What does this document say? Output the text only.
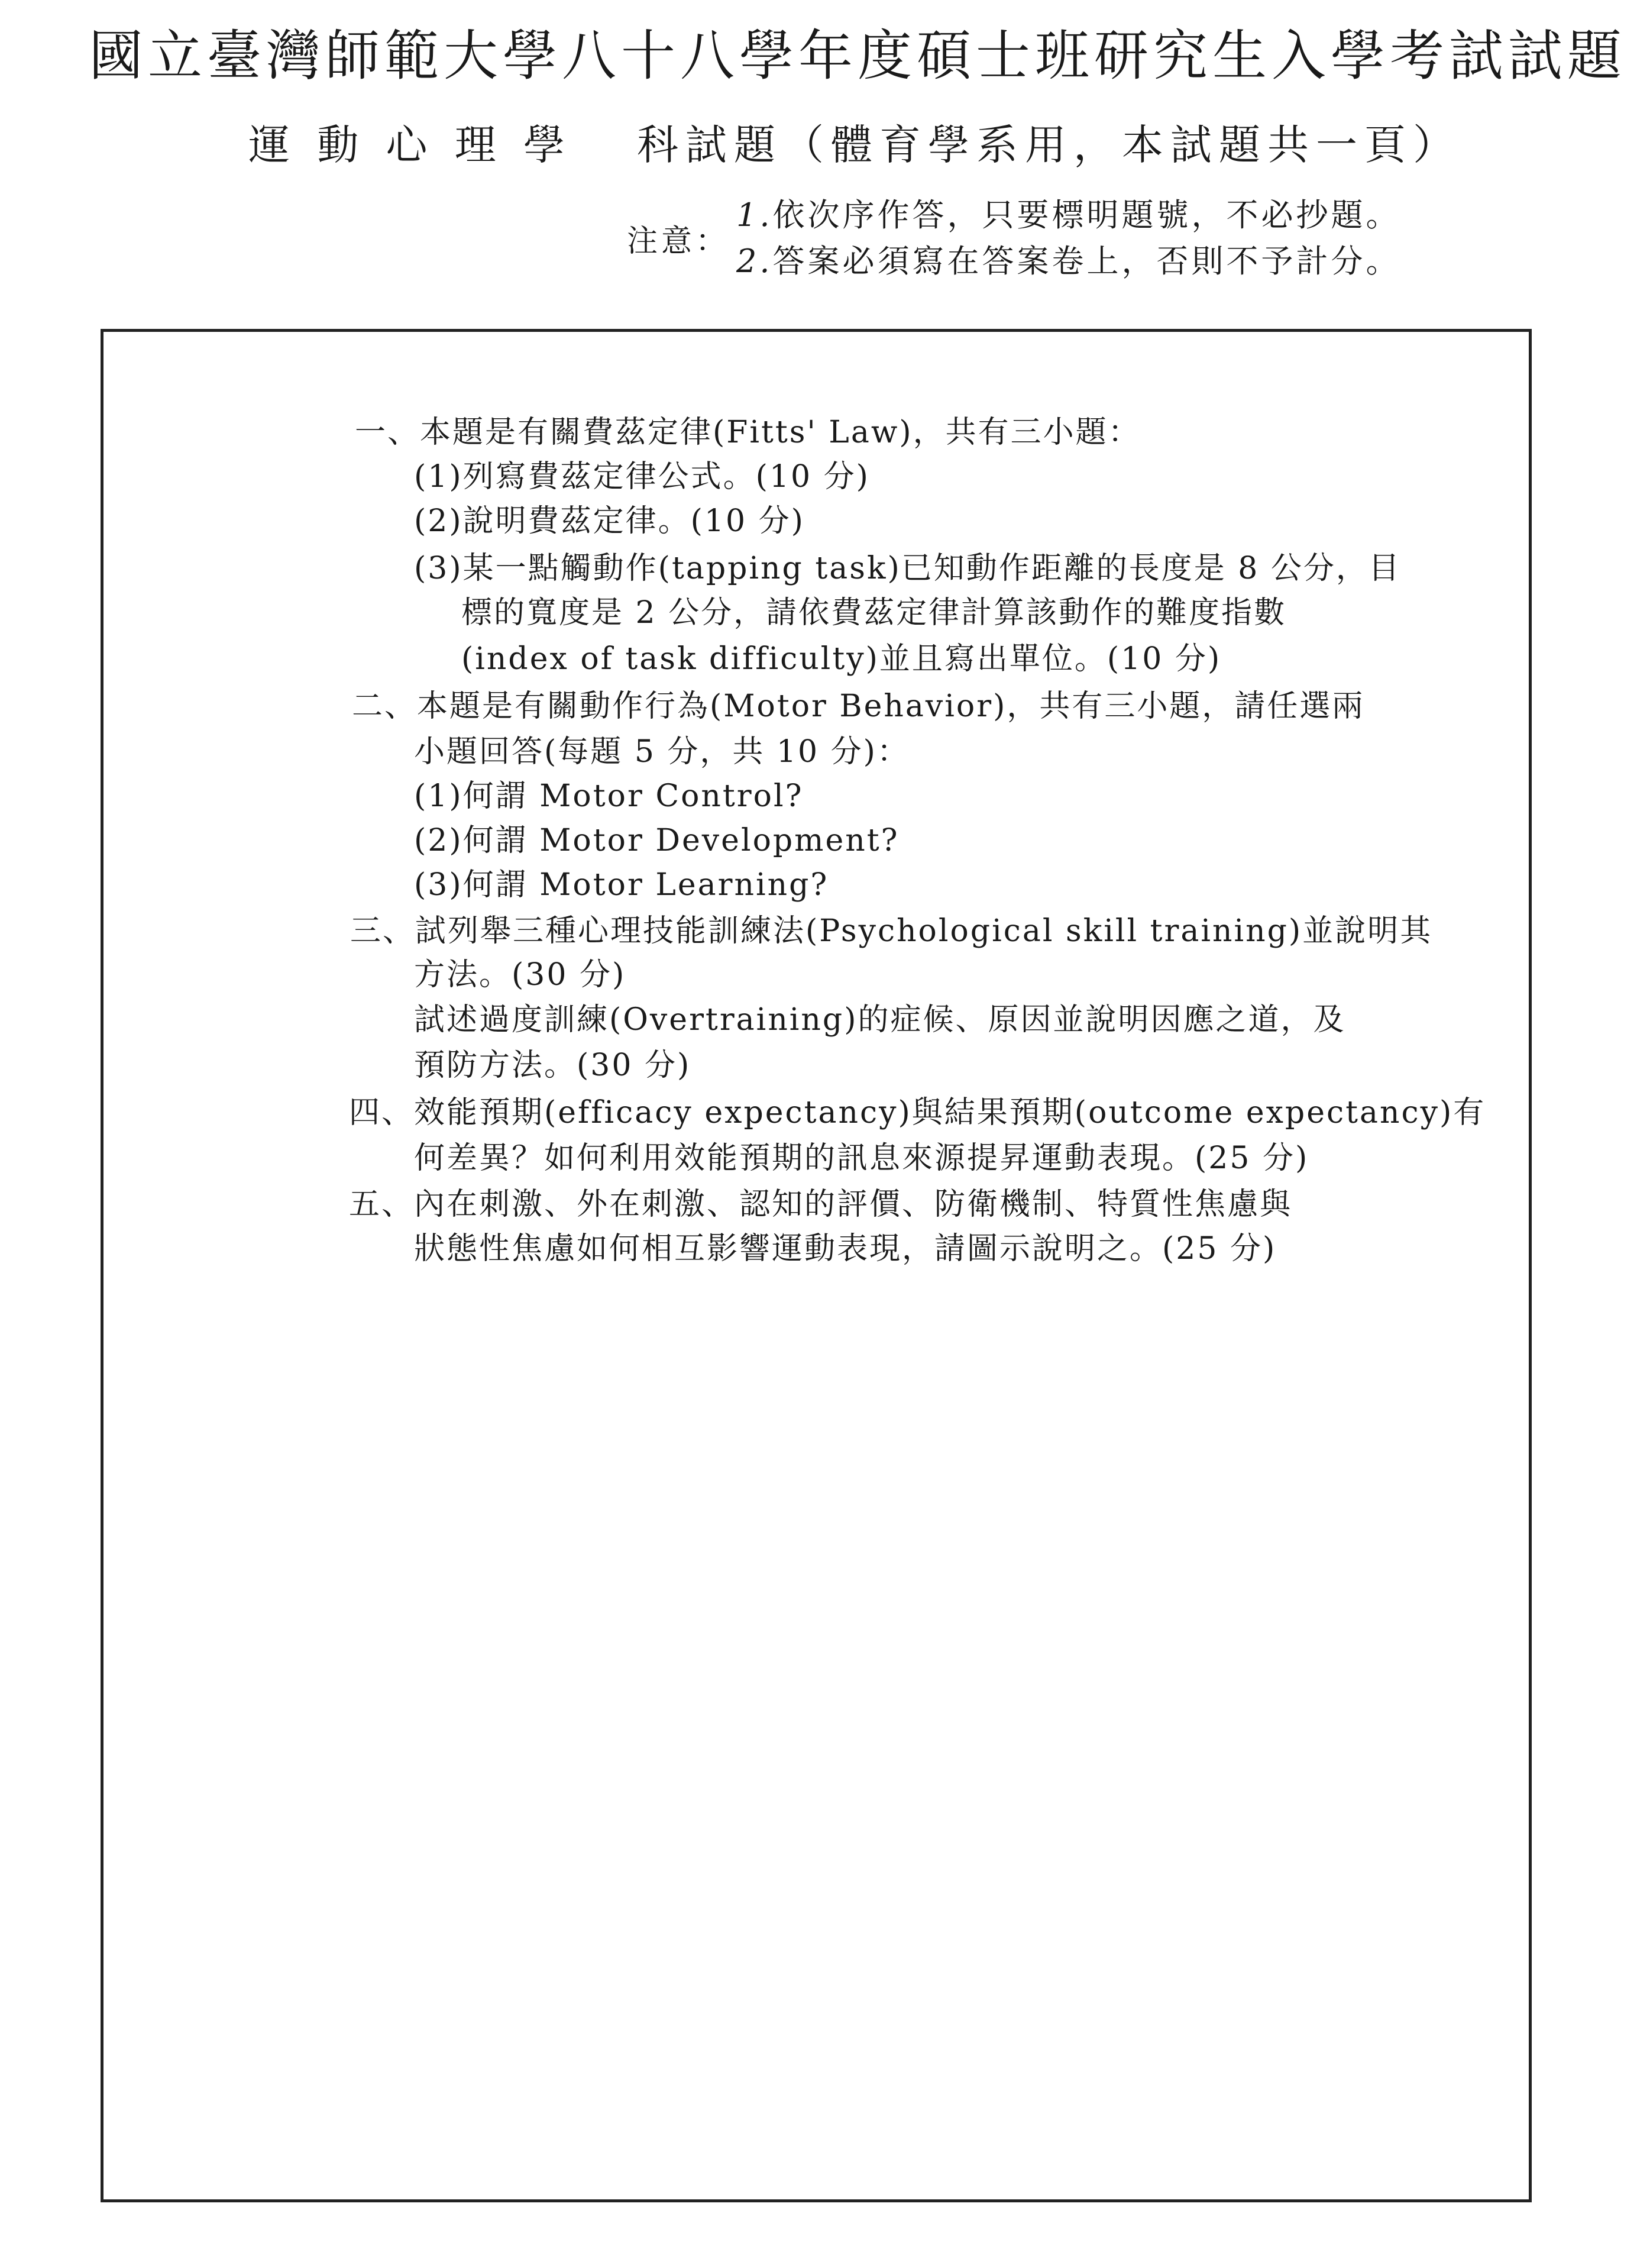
國立臺灣師範大學八十八學年度碩士班研究生入學考試試題
運 動 心 理 學 科試題（體育學系用，本試題共一頁）
注意：
1.依次序作答，只要標明題號，不必抄題。
2.答案必須寫在答案卷上，否則不予計分。
一、本題是有關費茲定律(Fitts' Law)，共有三小題：
(1)列寫費茲定律公式。(10 分)
(2)說明費茲定律。(10 分)
(3)某一點觸動作(tapping task)已知動作距離的長度是 8 公分，目
標的寬度是 2 公分，請依費茲定律計算該動作的難度指數
(index of task difficulty)並且寫出單位。(10 分)
二、本題是有關動作行為(Motor Behavior)，共有三小題，請任選兩
小題回答(每題 5 分，共 10 分)：
(1)何謂 Motor Control?
(2)何謂 Motor Development?
(3)何謂 Motor Learning?
三、試列舉三種心理技能訓練法(Psychological skill training)並說明其
方法。(30 分)
試述過度訓練(Overtraining)的症候、原因並說明因應之道，及
預防方法。(30 分)
四、效能預期(efficacy expectancy)與結果預期(outcome expectancy)有
何差異？如何利用效能預期的訊息來源提昇運動表現。(25 分)
五、內在刺激、外在刺激、認知的評價、防衛機制、特質性焦慮與
狀態性焦慮如何相互影響運動表現，請圖示說明之。(25 分)
